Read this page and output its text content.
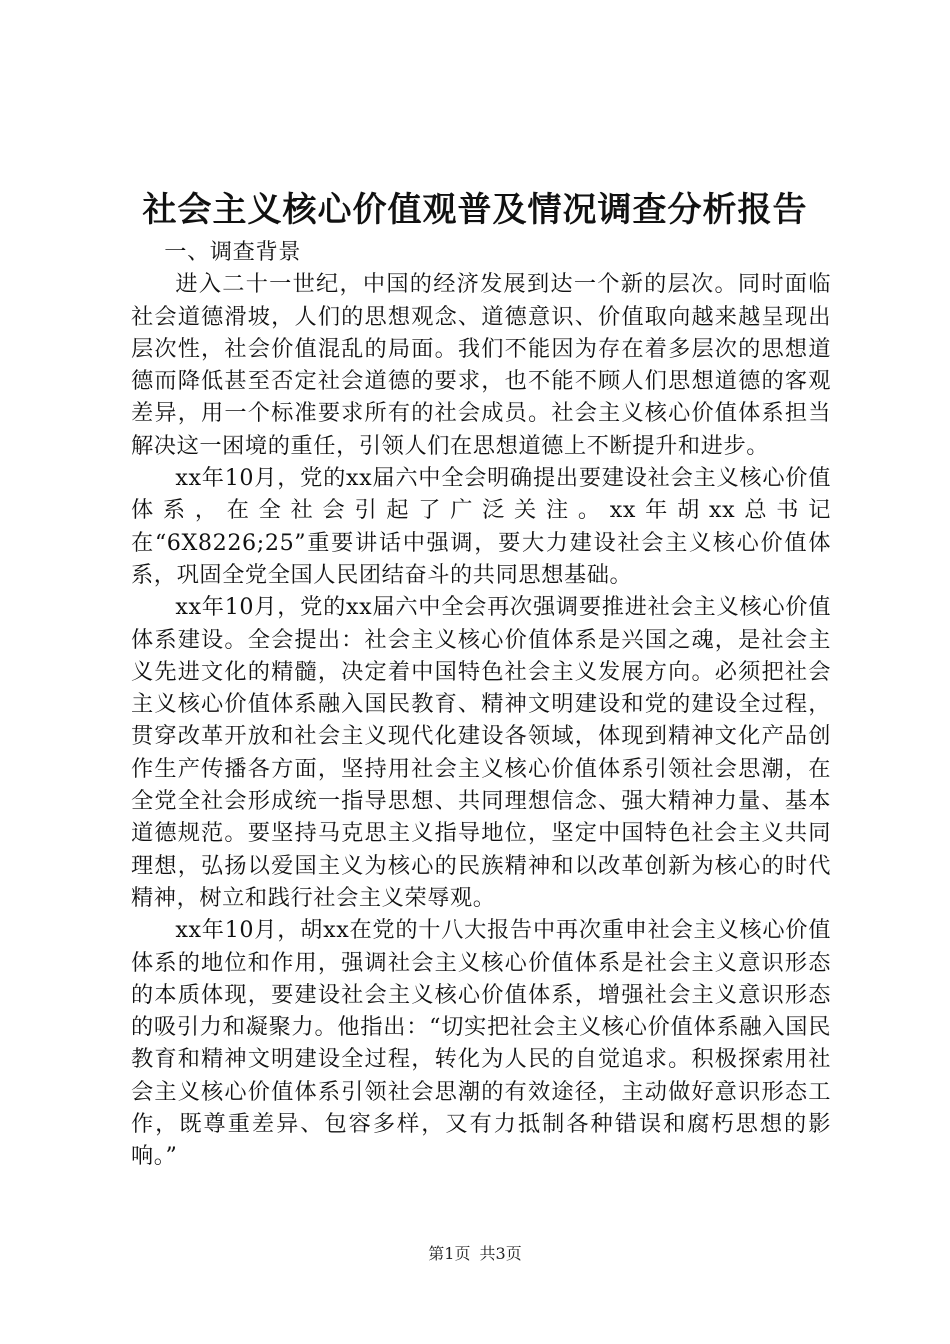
社会主义核心价值观普及情况调查分析报告

一、调查背景

进入二十一世纪，中国的经济发展到达一个新的层次。同时面临社会道德滑坡，人们的思想观念、道德意识、价值取向越来越呈现出层次性，社会价值混乱的局面。我们不能因为存在着多层次的思想道德而降低甚至否定社会道德的要求，也不能不顾人们思想道德的客观差异，用一个标准要求所有的社会成员。社会主义核心价值体系担当解决这一困境的重任，引领人们在思想道德上不断提升和进步。

xx年10月，党的xx届六中全会明确提出要建设社会主义核心价值体系，在全社会引起了广泛关注。xx年胡xx总书记在“6X8226;25”重要讲话中强调，要大力建设社会主义核心价值体系，巩固全党全国人民团结奋斗的共同思想基础。

xx年10月，党的xx届六中全会再次强调要推进社会主义核心价值体系建设。全会提出：社会主义核心价值体系是兴国之魂，是社会主义先进文化的精髓，决定着中国特色社会主义发展方向。必须把社会主义核心价值体系融入国民教育、精神文明建设和党的建设全过程，贯穿改革开放和社会主义现代化建设各领域，体现到精神文化产品创作生产传播各方面，坚持用社会主义核心价值体系引领社会思潮，在全党全社会形成统一指导思想、共同理想信念、强大精神力量、基本道德规范。要坚持马克思主义指导地位，坚定中国特色社会主义共同理想，弘扬以爱国主义为核心的民族精神和以改革创新为核心的时代精神，树立和践行社会主义荣辱观。

xx年10月，胡xx在党的十八大报告中再次重申社会主义核心价值体系的地位和作用，强调社会主义核心价值体系是社会主义意识形态的本质体现，要建设社会主义核心价值体系，增强社会主义意识形态的吸引力和凝聚力。他指出：“切实把社会主义核心价值体系融入国民教育和精神文明建设全过程，转化为人民的自觉追求。积极探索用社会主义核心价值体系引领社会思潮的有效途径，主动做好意识形态工作，既尊重差异、包容多样，又有力抵制各种错误和腐朽思想的影响。”

第1页 共3页
